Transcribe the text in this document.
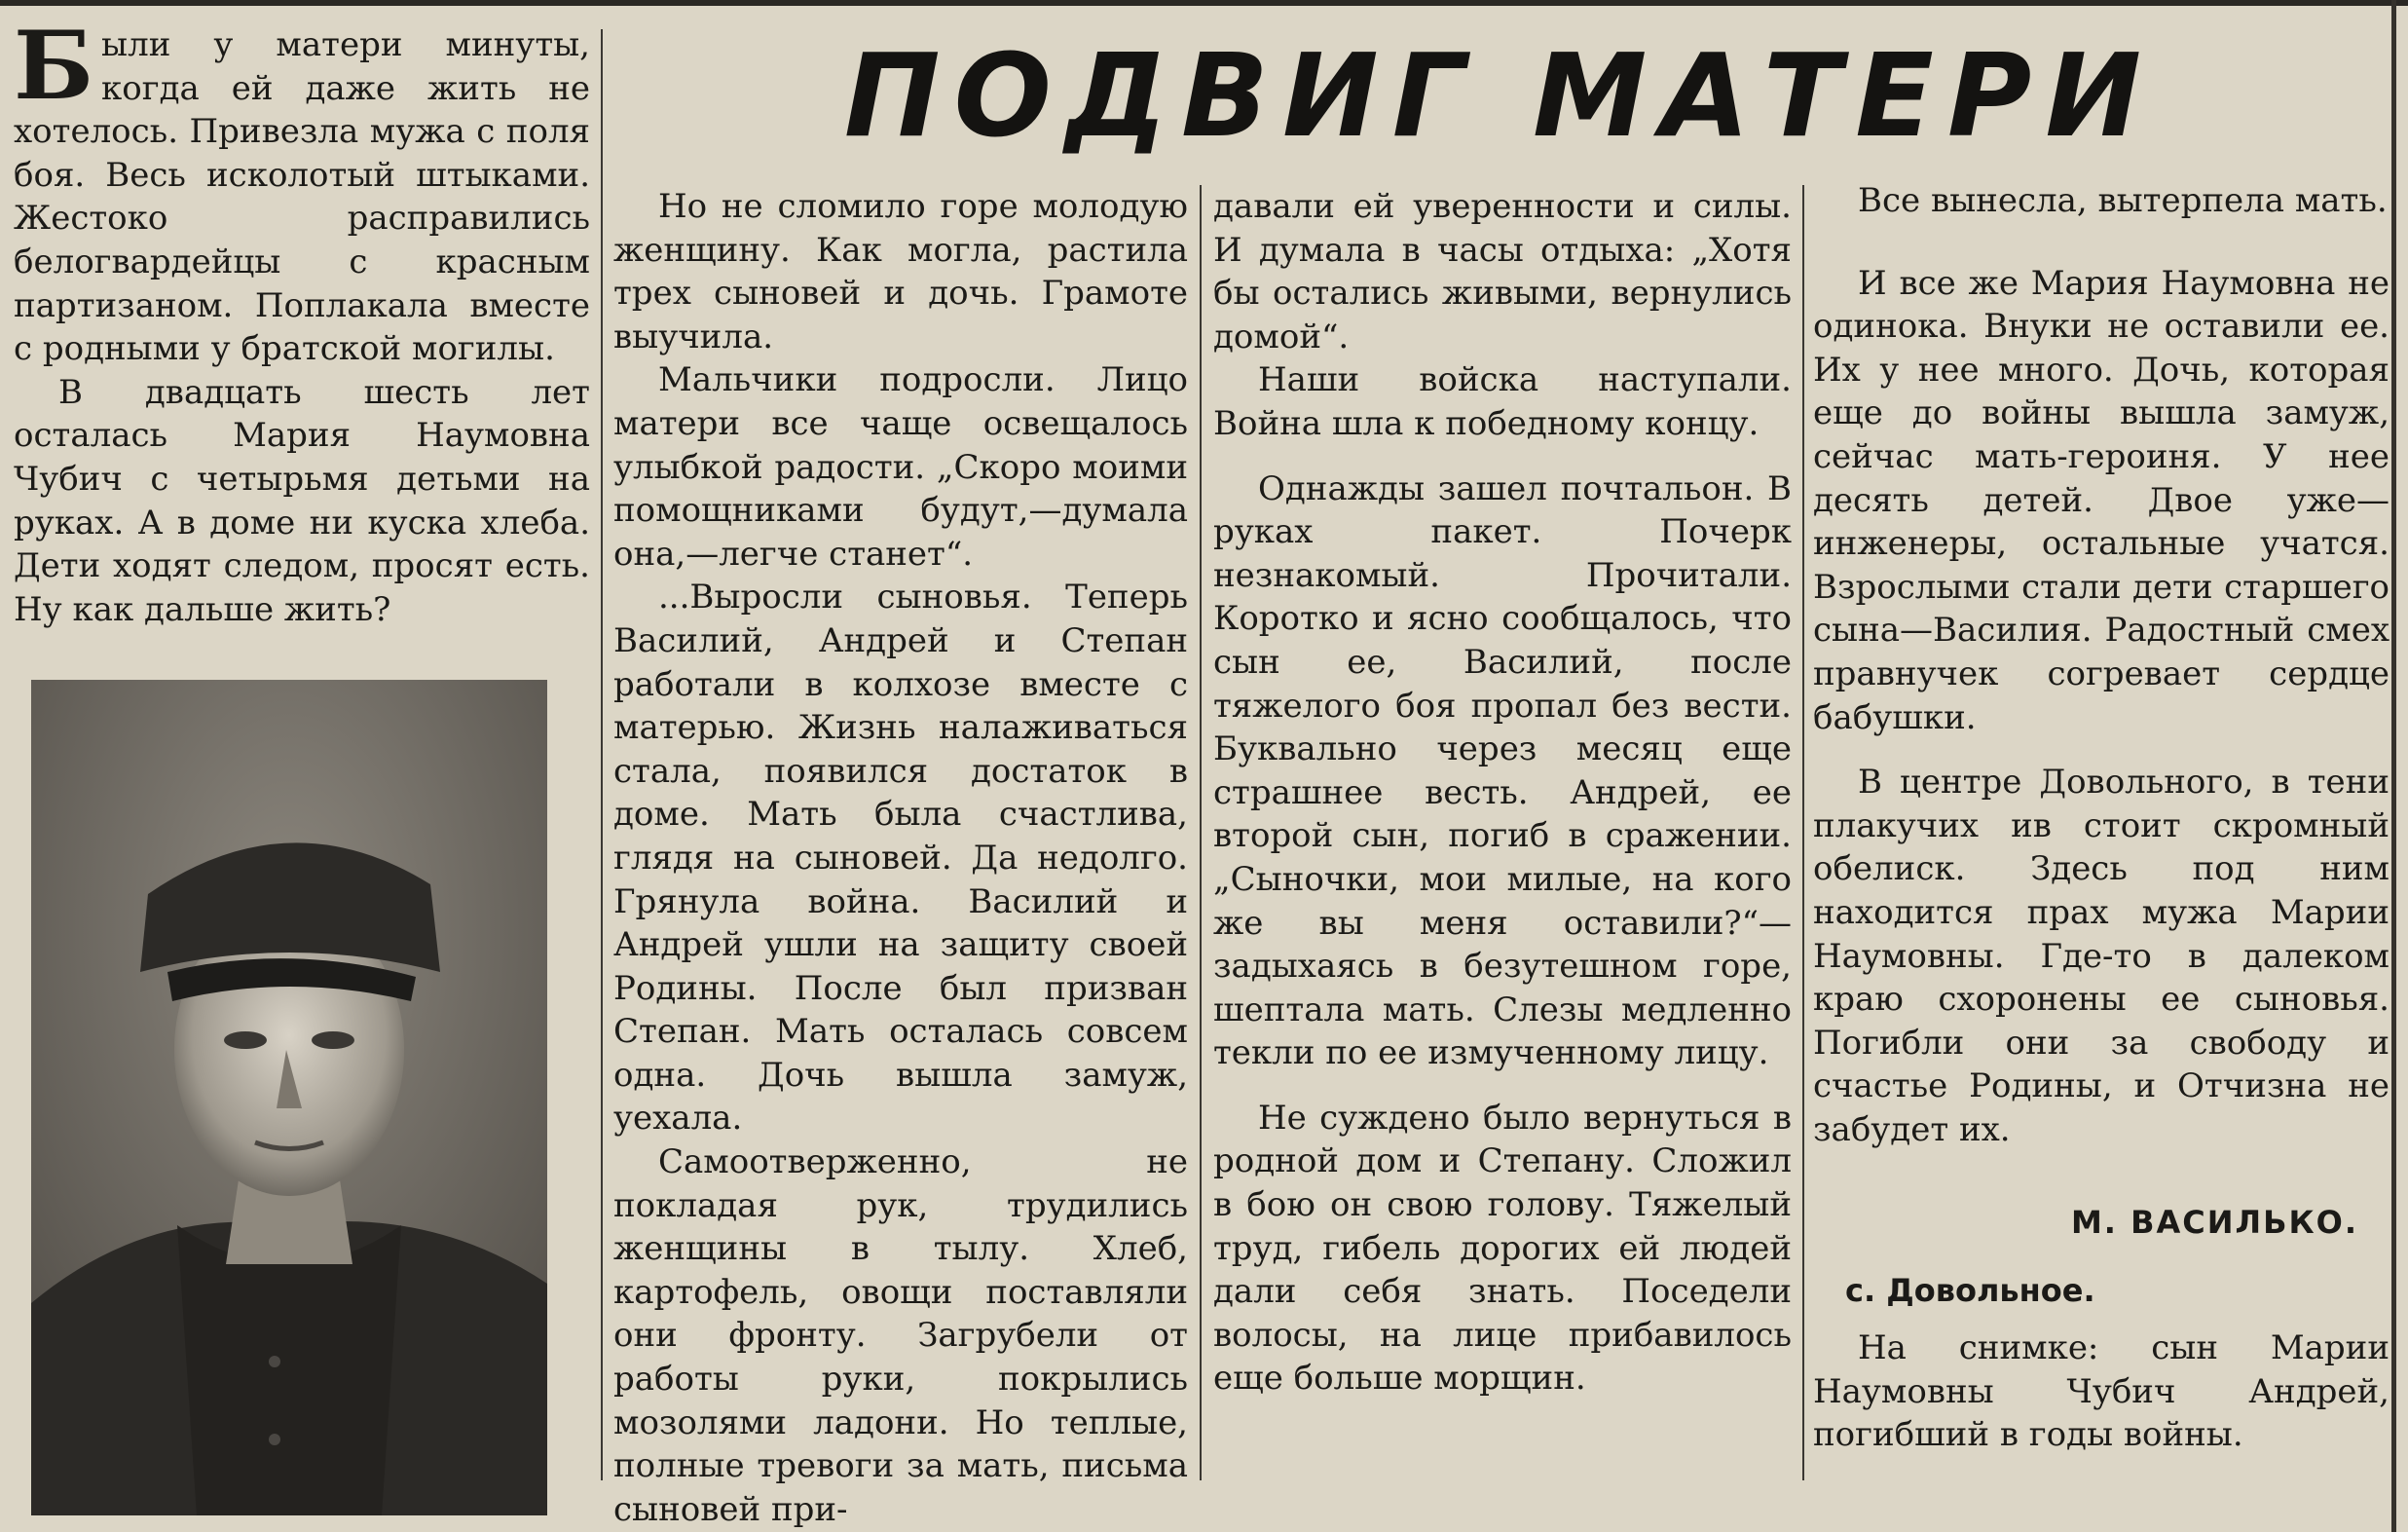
ПОДВИГ МАТЕРИ

Были у матери минуты, когда ей даже жить не хотелось. Привезла мужа с поля боя. Весь исколотый штыками. Жестоко расправились белогвардейцы с красным партизаном. Поплакала вместе с родными у братской могилы.

В двадцать шесть лет осталась Мария Наумовна Чубич с четырьмя детьми на руках. А в доме ни куска хлеба. Дети ходят следом, просят есть. Ну как дальше жить?

Но не сломило горе молодую женщину. Как могла, растила трех сыновей и дочь. Грамоте выучила.

Мальчики подросли. Лицо матери все чаще освещалось улыбкой радости. „Скоро моими помощниками будут,—думала она,—легче станет“.

...Выросли сыновья. Теперь Василий, Андрей и Степан работали в колхозе вместе с матерью. Жизнь налаживаться стала, появился достаток в доме. Мать была счастлива, глядя на сыновей. Да недолго. Грянула война. Василий и Андрей ушли на защиту своей Родины. После был призван Степан. Мать осталась совсем одна. Дочь вышла замуж, уехала.

Самоотверженно, не покладая рук, трудились женщины в тылу. Хлеб, картофель, овощи поставляли они фронту. Загрубели от работы руки, покрылись мозолями ладони. Но теплые, полные тревоги за мать, письма сыновей при-

давали ей уверенности и силы. И думала в часы отдыха: „Хотя бы остались живыми, вернулись домой“.

Наши войска наступали. Война шла к победному концу.

Однажды зашел почтальон. В руках пакет. Почерк незнакомый. Прочитали. Коротко и ясно сообщалось, что сын ее, Василий, после тяжелого боя пропал без вести. Буквально через месяц еще страшнее весть. Андрей, ее второй сын, погиб в сражении. „Сыночки, мои милые, на кого же вы меня оставили?“— задыхаясь в безутешном горе, шептала мать. Слезы медленно текли по ее измученному лицу.

Не суждено было вернуться в родной дом и Степану. Сложил в бою он свою голову. Тяжелый труд, гибель дорогих ей людей дали себя знать. Поседели волосы, на лице прибавилось еще больше морщин.

Все вынесла, вытерпела мать.

И все же Мария Наумовна не одинока. Внуки не оставили ее. Их у нее много. Дочь, которая еще до войны вышла замуж, сейчас мать-героиня. У нее десять детей. Двое уже— инженеры, остальные учатся. Взрослыми стали дети старшего сына—Василия. Радостный смех правнучек согревает сердце бабушки.

В центре Довольного, в тени плакучих ив стоит скромный обелиск. Здесь под ним находится прах мужа Марии Наумовны. Где-то в далеком краю схоронены ее сыновья. Погибли они за свободу и счастье Родины, и Отчизна не забудет их.

М. ВАСИЛЬКО.
с. Довольное.

На снимке: сын Марии Наумовны Чубич Андрей, погибший в годы войны.
